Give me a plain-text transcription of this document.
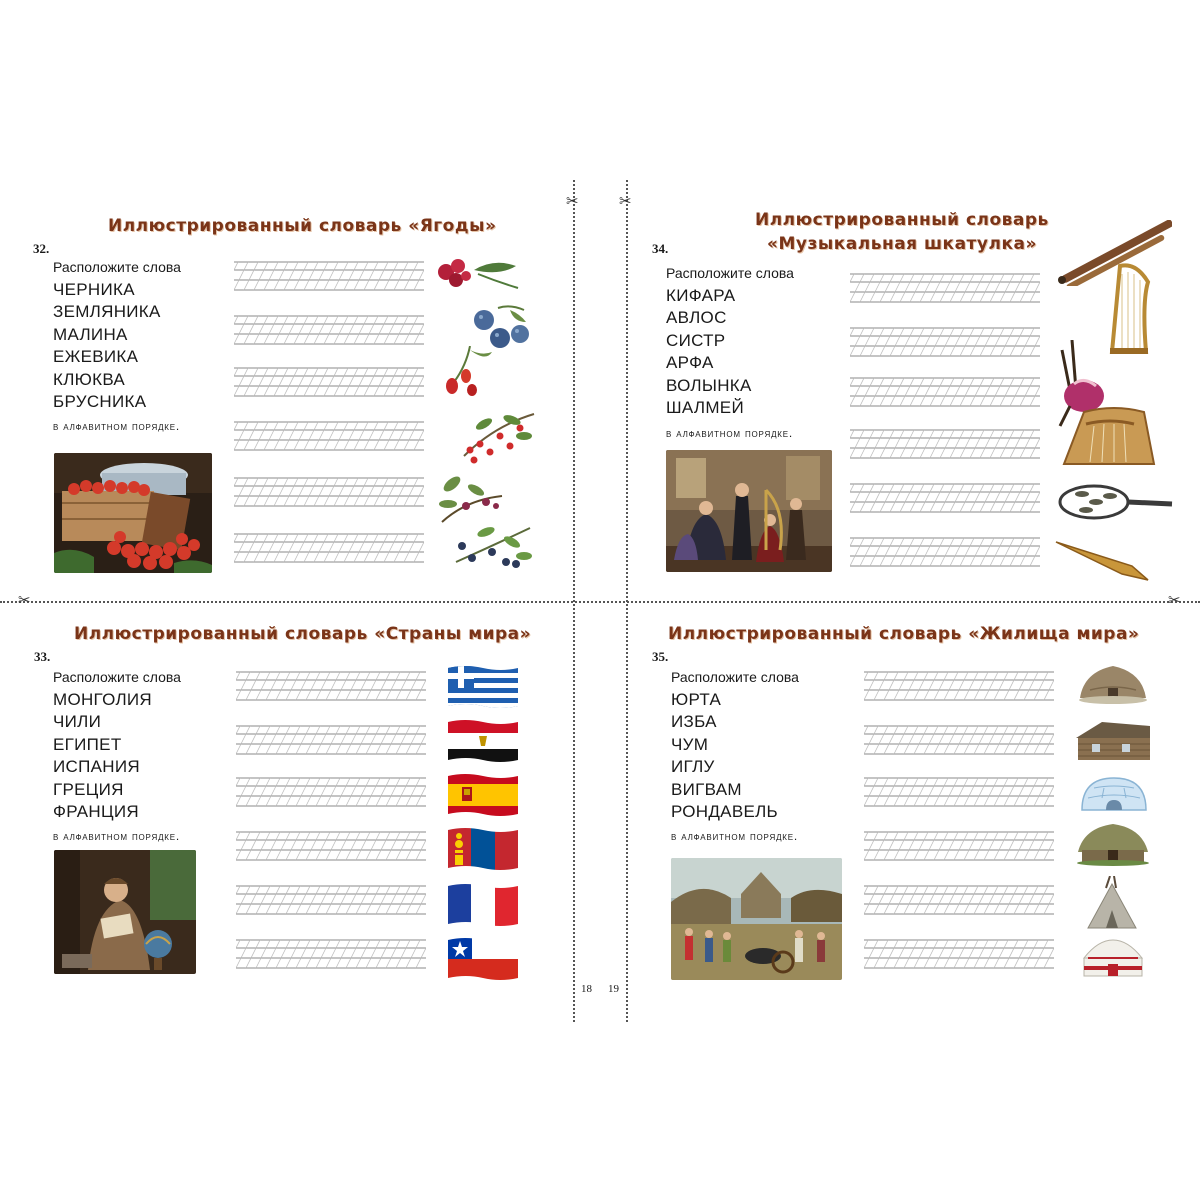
✂	✂
✂	✂
18 19
Иллюстрированный словарь «Ягоды»
32.
Расположите слова
ЧЕРНИКА
ЗЕМЛЯНИКА
МАЛИНА
ЕЖЕВИКА
КЛЮКВА
БРУСНИКА
в алфавитном порядке.
Иллюстрированный словарь
«Музыкальная шкатулка»
34.
Расположите слова
КИФАРА
АВЛОС
СИСТР
АРФА
ВОЛЫНКА
ШАЛМЕЙ
в алфавитном порядке.
Иллюстрированный словарь «Страны мира»
33.
Расположите слова
МОНГОЛИЯ
ЧИЛИ
ЕГИПЕТ
ИСПАНИЯ
ГРЕЦИЯ
ФРАНЦИЯ
в алфавитном порядке.
Иллюстрированный словарь «Жилища мира»
35.
Расположите слова
ЮРТА
ИЗБА
ЧУМ
ИГЛУ
ВИГВАМ
РОНДАВЕЛЬ
в алфавитном порядке.
